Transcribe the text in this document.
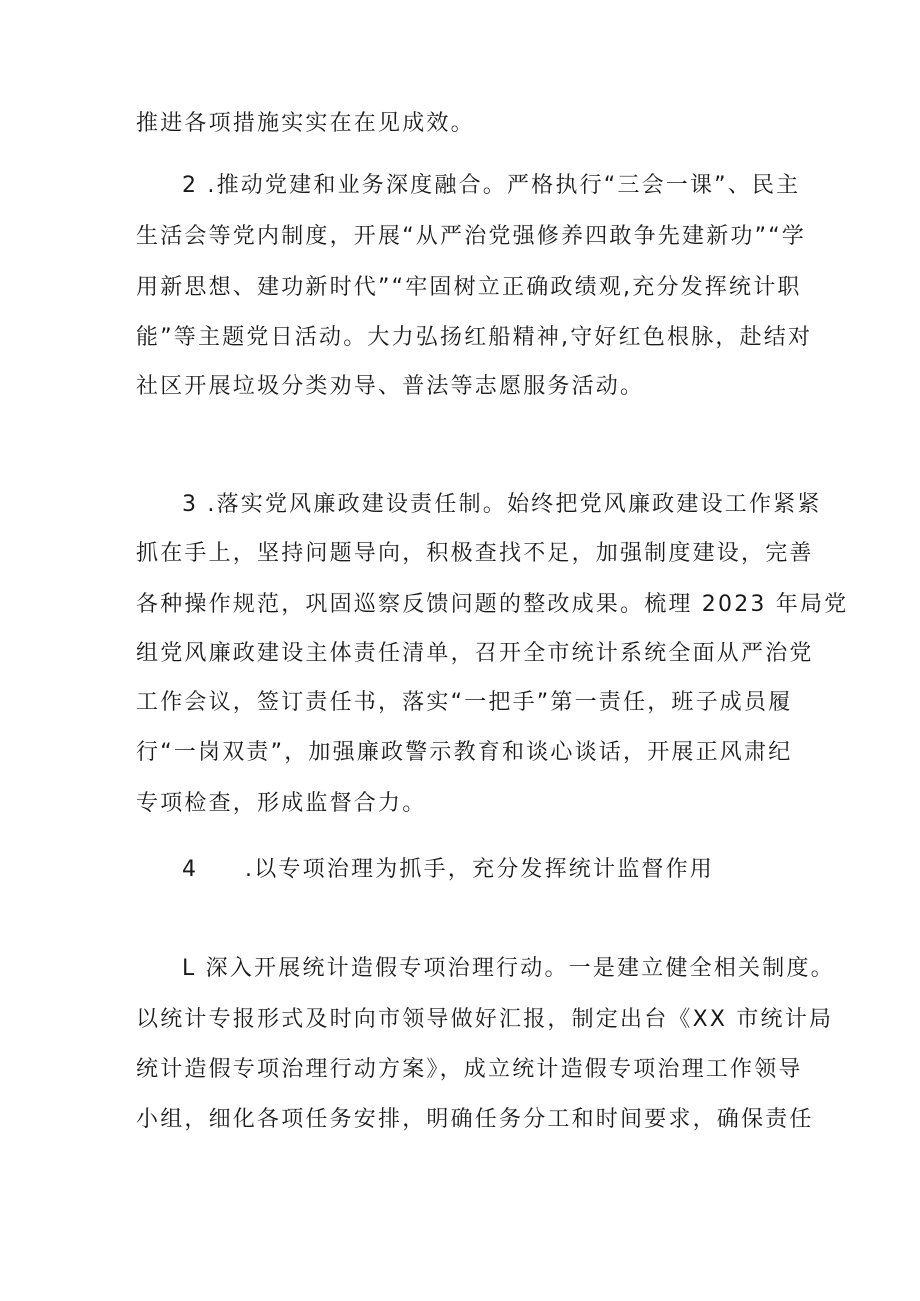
推进各项措施实实在在见成效。
2 .推动党建和业务深度融合。严格执行“三会一课”、民主
生活会等党内制度，开展“从严治党强修养四敢争先建新功”“学
用新思想、建功新时代”“牢固树立正确政绩观,充分发挥统计职
能”等主题党日活动。大力弘扬红船精神,守好红色根脉，赴结对
社区开展垃圾分类劝导、普法等志愿服务活动。
3 .落实党风廉政建设责任制。始终把党风廉政建设工作紧紧
抓在手上，坚持问题导向，积极查找不足，加强制度建设，完善
各种操作规范，巩固巡察反馈问题的整改成果。梳理 2023 年局党
组党风廉政建设主体责任清单，召开全市统计系统全面从严治党
工作会议，签订责任书，落实“一把手”第一责任，班子成员履
行“一岗双责”，加强廉政警示教育和谈心谈话，开展正风肃纪
专项检查，形成监督合力。
4 .以专项治理为抓手，充分发挥统计监督作用
L 深入开展统计造假专项治理行动。一是建立健全相关制度。
以统计专报形式及时向市领导做好汇报，制定出台《XX 市统计局
统计造假专项治理行动方案》，成立统计造假专项治理工作领导
小组，细化各项任务安排，明确任务分工和时间要求，确保责任
